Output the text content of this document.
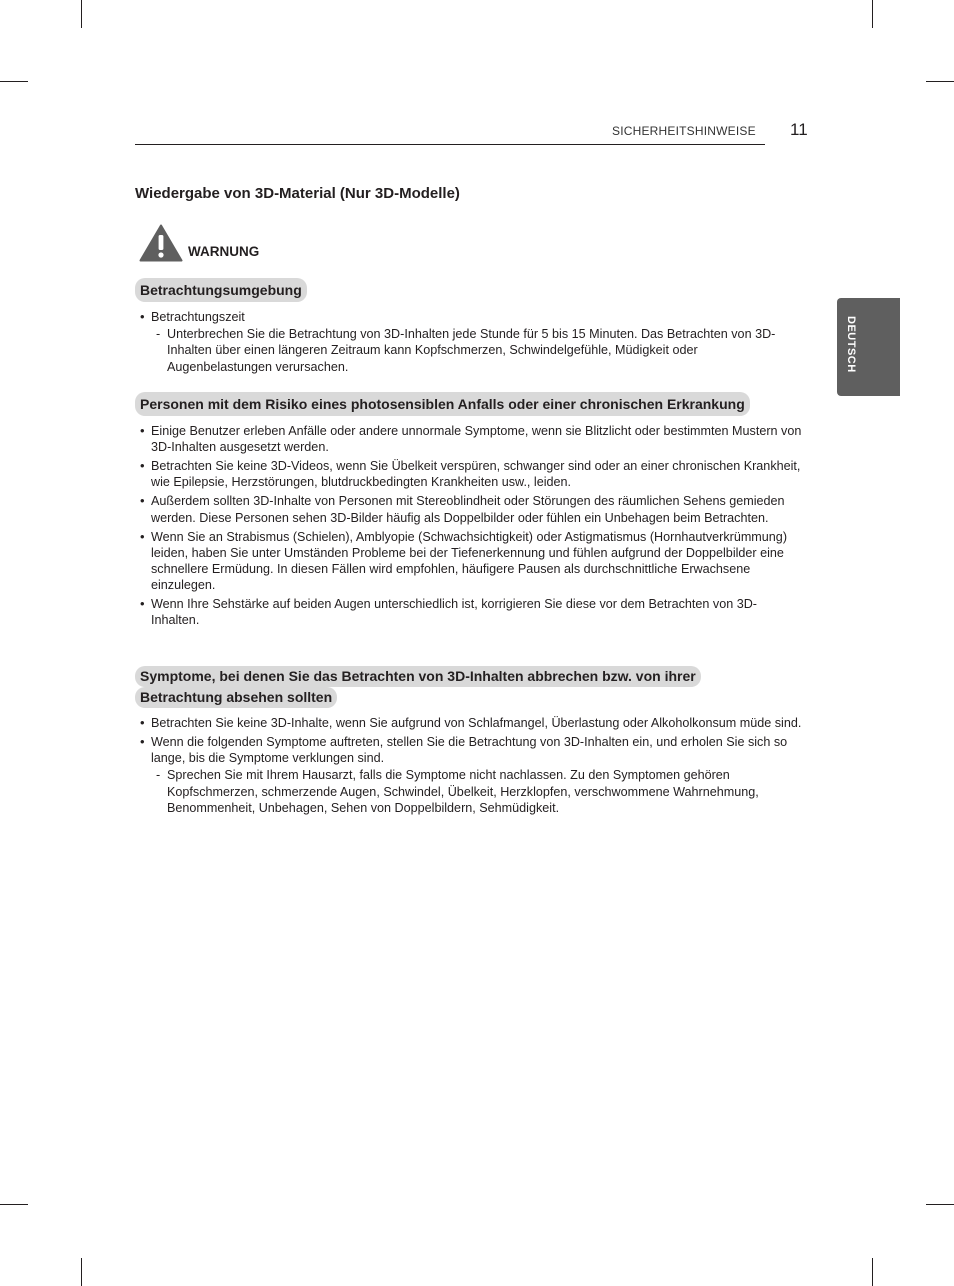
SICHERHEITSHINWEISE 11
DEUTSCH
Wiedergabe von 3D-Material (Nur 3D-Modelle)
WARNUNG
Betrachtungsumgebung
• Betrachtungszeit
- Unterbrechen Sie die Betrachtung von 3D-Inhalten jede Stunde für 5 bis 15 Minuten. Das Betrachten von 3D-Inhalten über einen längeren Zeitraum kann Kopfschmerzen, Schwindelgefühle, Müdigkeit oder Augenbelastungen verursachen.
Personen mit dem Risiko eines photosensiblen Anfalls oder einer chronischen Erkrankung
• Einige Benutzer erleben Anfälle oder andere unnormale Symptome, wenn sie Blitzlicht oder bestimmten Mustern von 3D-Inhalten ausgesetzt werden.
• Betrachten Sie keine 3D-Videos, wenn Sie Übelkeit verspüren, schwanger sind oder an einer chronischen Krankheit, wie Epilepsie, Herzstörungen, blutdruckbedingten Krankheiten usw., leiden.
• Außerdem sollten 3D-Inhalte von Personen mit Stereoblindheit oder Störungen des räumlichen Sehens gemieden werden. Diese Personen sehen 3D-Bilder häufig als Doppelbilder oder fühlen ein Unbehagen beim Betrachten.
• Wenn Sie an Strabismus (Schielen), Amblyopie (Schwachsichtigkeit) oder Astigmatismus (Hornhautverkrümmung) leiden, haben Sie unter Umständen Probleme bei der Tiefenerkennung und fühlen aufgrund der Doppelbilder eine schnellere Ermüdung. In diesen Fällen wird empfohlen, häufigere Pausen als durchschnittliche Erwachsene einzulegen.
• Wenn Ihre Sehstärke auf beiden Augen unterschiedlich ist, korrigieren Sie diese vor dem Betrachten von 3D-Inhalten.
Symptome, bei denen Sie das Betrachten von 3D-Inhalten abbrechen bzw. von ihrer
Betrachtung absehen sollten
• Betrachten Sie keine 3D-Inhalte, wenn Sie aufgrund von Schlafmangel, Überlastung oder Alkoholkonsum müde sind.
• Wenn die folgenden Symptome auftreten, stellen Sie die Betrachtung von 3D-Inhalten ein, und erholen Sie sich so lange, bis die Symptome verklungen sind.
- Sprechen Sie mit Ihrem Hausarzt, falls die Symptome nicht nachlassen. Zu den Symptomen gehören Kopfschmerzen, schmerzende Augen, Schwindel, Übelkeit, Herzklopfen, verschwommene Wahrnehmung, Benommenheit, Unbehagen, Sehen von Doppelbildern, Sehmüdigkeit.
